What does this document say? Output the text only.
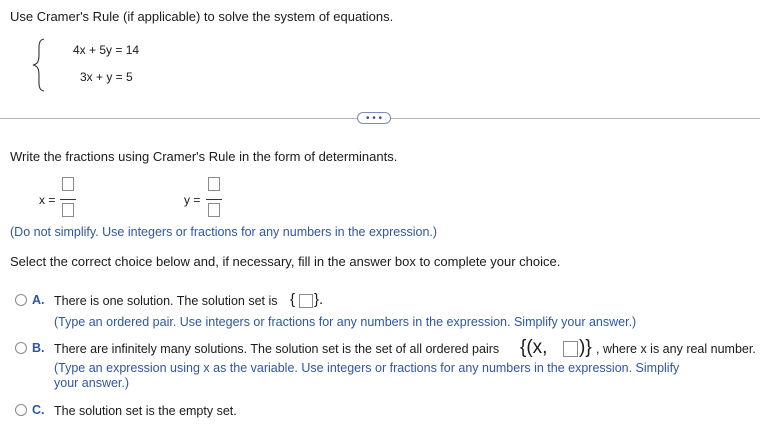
Use Cramer's Rule (if applicable) to solve the system of equations.
4x + 5y = 14
3x + y = 5
• • •
Write the fractions using Cramer's Rule in the form of determinants.
x =	y =
(Do not simplify. Use integers or fractions for any numbers in the expression.)
Select the correct choice below and, if necessary, fill in the answer box to complete your choice.
A. There is one solution. The solution set is { }.
(Type an ordered pair. Use integers or fractions for any numbers in the expression. Simplify your answer.)
B. There are infinitely many solutions. The solution set is the set of all ordered pairs {(x, )} , where x is any real number.
(Type an expression using x as the variable. Use integers or fractions for any numbers in the expression. Simplify
your answer.)
C. The solution set is the empty set.
